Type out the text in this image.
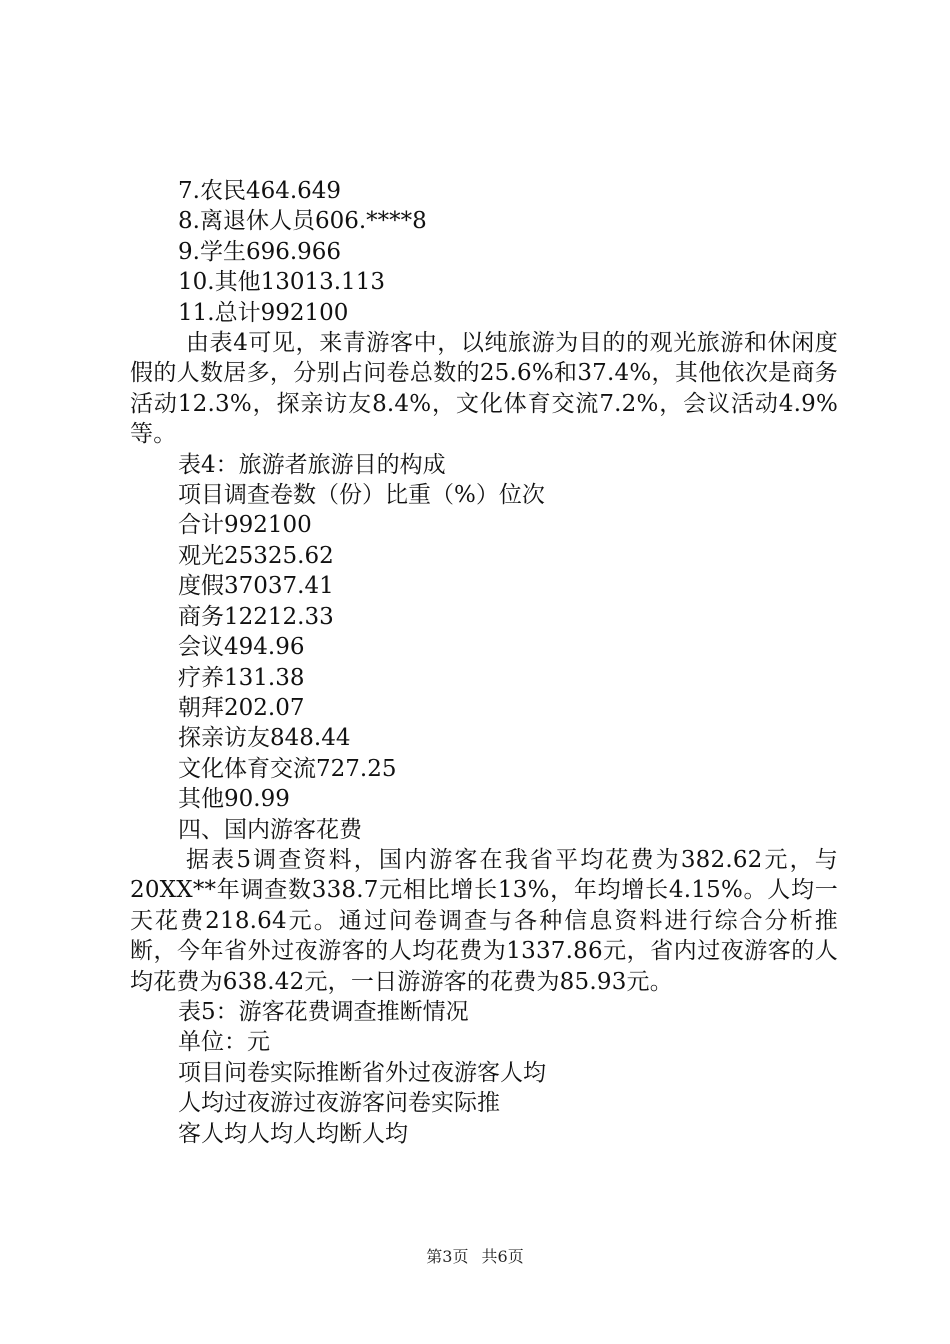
7.农民464.649

8.离退休人员606.****8

9.学生696.966

10.其他13013.113

11.总计992100

由表4可见，来青游客中，以纯旅游为目的的观光旅游和休闲度假的人数居多，分别占问卷总数的25.6%和37.4%，其他依次是商务活动12.3%，探亲访友8.4%，文化体育交流7.2%，会议活动4.9%等。

表4：旅游者旅游目的构成

项目调查卷数（份）比重（%）位次

合计992100

观光25325.62

度假37037.41

商务12212.33

会议494.96

疗养131.38

朝拜202.07

探亲访友848.44

文化体育交流727.25

其他90.99

四、国内游客花费

据表5调查资料，国内游客在我省平均花费为382.62元，与20XX**年调查数338.7元相比增长13%，年均增长4.15%。人均一天花费218.64元。通过问卷调查与各种信息资料进行综合分析推断，今年省外过夜游客的人均花费为1337.86元，省内过夜游客的人均花费为638.42元，一日游游客的花费为85.93元。

表5：游客花费调查推断情况

单位：元

项目问卷实际推断省外过夜游客人均

人均过夜游过夜游客问卷实际推

客人均人均人均断人均

第3页 共6页
